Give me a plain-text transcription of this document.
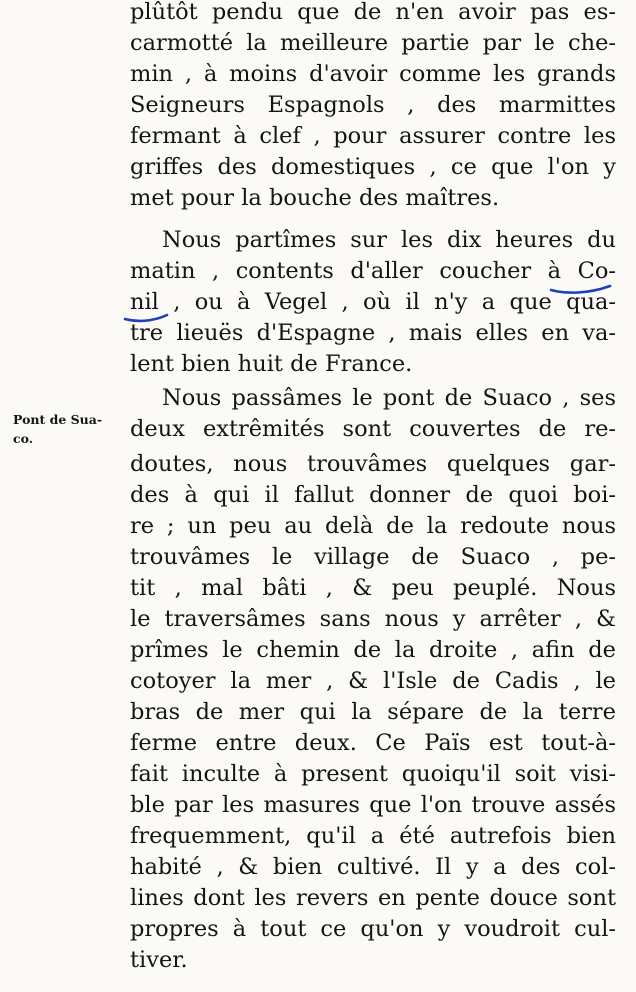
Pont de Sua-
co.
plûtôt pendu que de n'en avoir pas es-
carmotté la meilleure partie par le che-
min , à moins d'avoir comme les grands
Seigneurs Espagnols , des marmittes
fermant à clef , pour assurer contre les
griffes des domestiques , ce que l'on y
met pour la bouche des maîtres.
Nous partîmes sur les dix heures du
matin , contents d'aller coucher à Co-
nil , ou à Vegel , où il n'y a que qua-
tre lieuës d'Espagne , mais elles en va-
lent bien huit de France.
Nous passâmes le pont de Suaco , ses
deux extrêmités sont couvertes de re-
doutes, nous trouvâmes quelques gar-
des à qui il fallut donner de quoi boi-
re ; un peu au delà de la redoute nous
trouvâmes le village de Suaco , pe-
tit , mal bâti , & peu peuplé. Nous
le traversâmes sans nous y arrêter , &
prîmes le chemin de la droite , afin de
cotoyer la mer , & l'Isle de Cadis , le
bras de mer qui la sépare de la terre
ferme entre deux. Ce Païs est tout-à-
fait inculte à present quoiqu'il soit visi-
ble par les masures que l'on trouve assés
frequemment, qu'il a été autrefois bien
habité , & bien cultivé. Il y a des col-
lines dont les revers en pente douce sont
propres à tout ce qu'on y voudroit cul-
tiver.
